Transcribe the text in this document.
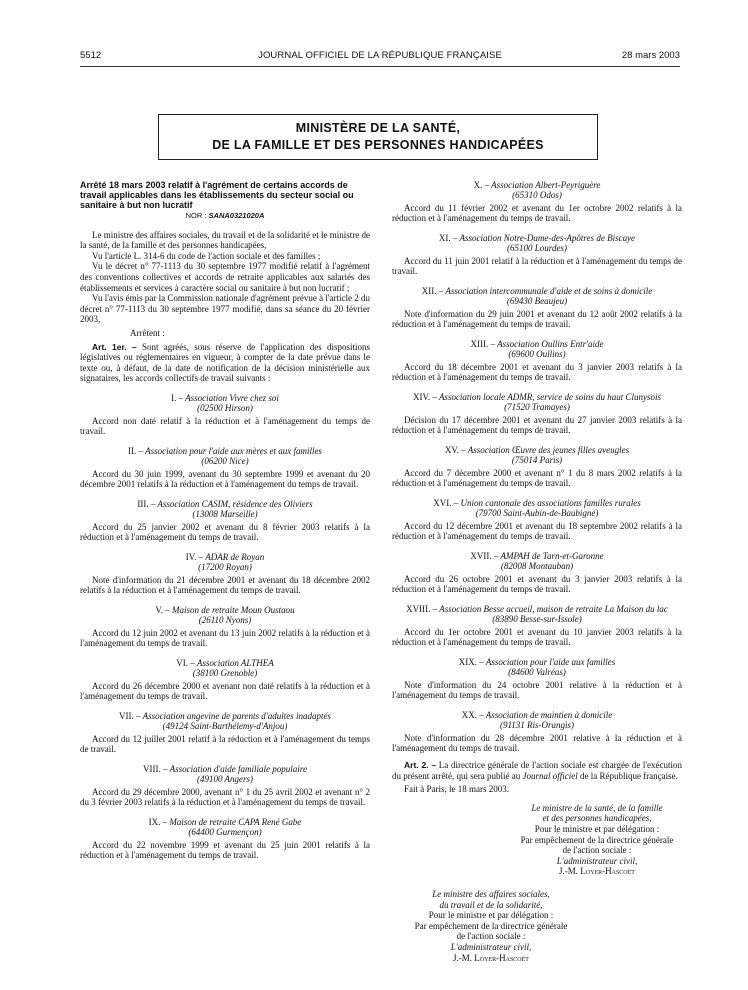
5512	JOURNAL OFFICIEL DE LA RÉPUBLIQUE FRANÇAISE	28 mars 2003
MINISTÈRE DE LA SANTÉ,
DE LA FAMILLE ET DES PERSONNES HANDICAPÉES
Arrêté 18 mars 2003 relatif à l'agrément de certains accords de travail applicables dans les établissements du secteur social ou sanitaire à but non lucratif
NOR : SANA0321020A
Le ministre des affaires sociales, du travail et de la solidarité et le ministre de la santé, de la famille et des personnes handicapées,
Vu l'article L. 314-6 du code de l'action sociale et des familles ;
Vu le décret n° 77-1113 du 30 septembre 1977 modifié relatif à l'agrément des conventions collectives et accords de retraite applicables aux salariés des établissements et services à caractère social ou sanitaire à but non lucratif ;
Vu l'avis émis par la Commission nationale d'agrément prévue à l'article 2 du décret n° 77-1113 du 30 septembre 1977 modifié, dans sa séance du 20 février 2003,
Arrêtent :
Art. 1er. – Sont agréés, sous réserve de l'application des dispositions législatives ou réglementaires en vigueur, à compter de la date prévue dans le texte ou, à défaut, de la date de notification de la décision ministérielle aux signataires, les accords collectifs de travail suivants :
I. – Association Vivre chez soi
(02500 Hirson)
Accord non daté relatif à la réduction et à l'aménagement du temps de travail.
II. – Association pour l'aide aux mères et aux familles
(06200 Nice)
Accord du 30 juin 1999, avenant du 30 septembre 1999 et avenant du 20 décembre 2001 relatifs à la réduction et à l'aménagement du temps de travail.
III. – Association CASIM, résidence des Oliviers
(13008 Marseille)
Accord du 25 janvier 2002 et avenant du 8 février 2003 relatifs à la réduction et à l'aménagement du temps de travail.
IV. – ADAR de Royan
(17200 Royan)
Note d'information du 21 décembre 2001 et avenant du 18 décembre 2002 relatifs à la réduction et à l'aménagement du temps de travail.
V. – Maison de retraite Moun Oustaou
(26110 Nyons)
Accord du 12 juin 2002 et avenant du 13 juin 2002 relatifs à la réduction et à l'aménagement du temps de travail.
VI. – Association ALTHEA
(38100 Grenoble)
Accord du 26 décembre 2000 et avenant non daté relatifs à la réduction et à l'aménagement du temps de travail.
VII. – Association angevine de parents d'adultes inadaptés
(49124 Saint-Barthélemy-d'Anjou)
Accord du 12 juillet 2001 relatif à la réduction et à l'aménagement du temps de travail.
VIII. – Association d'aide familiale populaire
(49100 Angers)
Accord du 29 décembre 2000, avenant n° 1 du 25 avril 2002 et avenant n° 2 du 3 février 2003 relatifs à la réduction et à l'aménagement du temps de travail.
IX. – Maison de retraite CAPA René Gabe
(64400 Gurmençon)
Accord du 22 novembre 1999 et avenant du 25 juin 2001 relatifs à la réduction et à l'aménagement du temps de travail.
X. – Association Albert-Peyriguère
(65310 Odos)
Accord du 11 février 2002 et avenant du 1er octobre 2002 relatifs à la réduction et à l'aménagement du temps de travail.
XI. – Association Notre-Dame-des-Apôtres de Biscaye
(65100 Lourdes)
Accord du 11 juin 2001 relatif à la réduction et à l'aménagement du temps de travail.
XII. – Association intercommunale d'aide et de soins à domicile
(69430 Beaujeu)
Note d'information du 29 juin 2001 et avenant du 12 août 2002 relatifs à la réduction et à l'aménagement du temps de travail.
XIII. – Association Oullins Entr'aide
(69600 Oullins)
Accord du 18 décembre 2001 et avenant du 3 janvier 2003 relatifs à la réduction et à l'aménagement du temps de travail.
XIV. – Association locale ADMR, service de soins du haut Clunysois
(71520 Tramayes)
Décision du 17 décembre 2001 et avenant du 27 janvier 2003 relatifs à la réduction et à l'aménagement du temps de travail.
XV. – Association Œuvre des jeunes filles aveugles
(75014 Paris)
Accord du 7 décembre 2000 et avenant n° 1 du 8 mars 2002 relatifs à la réduction et à l'aménagement du temps de travail.
XVI. – Union cantonale des associations familles rurales
(79700 Saint-Aubin-de-Baubigné)
Accord du 12 décembre 2001 et avenant du 18 septembre 2002 relatifs à la réduction et à l'aménagement du temps de travail.
XVII. – AMPAH de Tarn-et-Garonne
(82008 Montauban)
Accord du 26 octobre 2001 et avenant du 3 janvier 2003 relatifs à la réduction et à l'aménagement du temps de travail.
XVIII. – Association Besse accueil, maison de retraite La Maison du lac
(83890 Besse-sur-Issole)
Accord du 1er octobre 2001 et avenant du 10 janvier 2003 relatifs à la réduction et à l'aménagement du temps de travail.
XIX. – Association pour l'aide aux familles
(84600 Valréas)
Note d'information du 24 octobre 2001 relative à la réduction et à l'aménagement du temps de travail.
XX. – Association de maintien à domicile
(91131 Ris-Orangis)
Note d'information du 28 décembre 2001 relative à la réduction et à l'aménagement du temps de travail.
Art. 2. – La directrice générale de l'action sociale est chargée de l'exécution du présent arrêté, qui sera publié au Journal officiel de la République française.
Fait à Paris, le 18 mars 2003.
Le ministre de la santé, de la famille
et des personnes handicapées,
Pour le ministre et par délégation :
Par empêchement de la directrice générale
de l'action sociale :
L'administrateur civil,
J.-M. Loyer-Hascoët
Le ministre des affaires sociales,
du travail et de la solidarité,
Pour le ministre et par délégation :
Par empêchement de la directrice générale
de l'action sociale :
L'administrateur civil,
J.-M. Loyer-Hascoët
